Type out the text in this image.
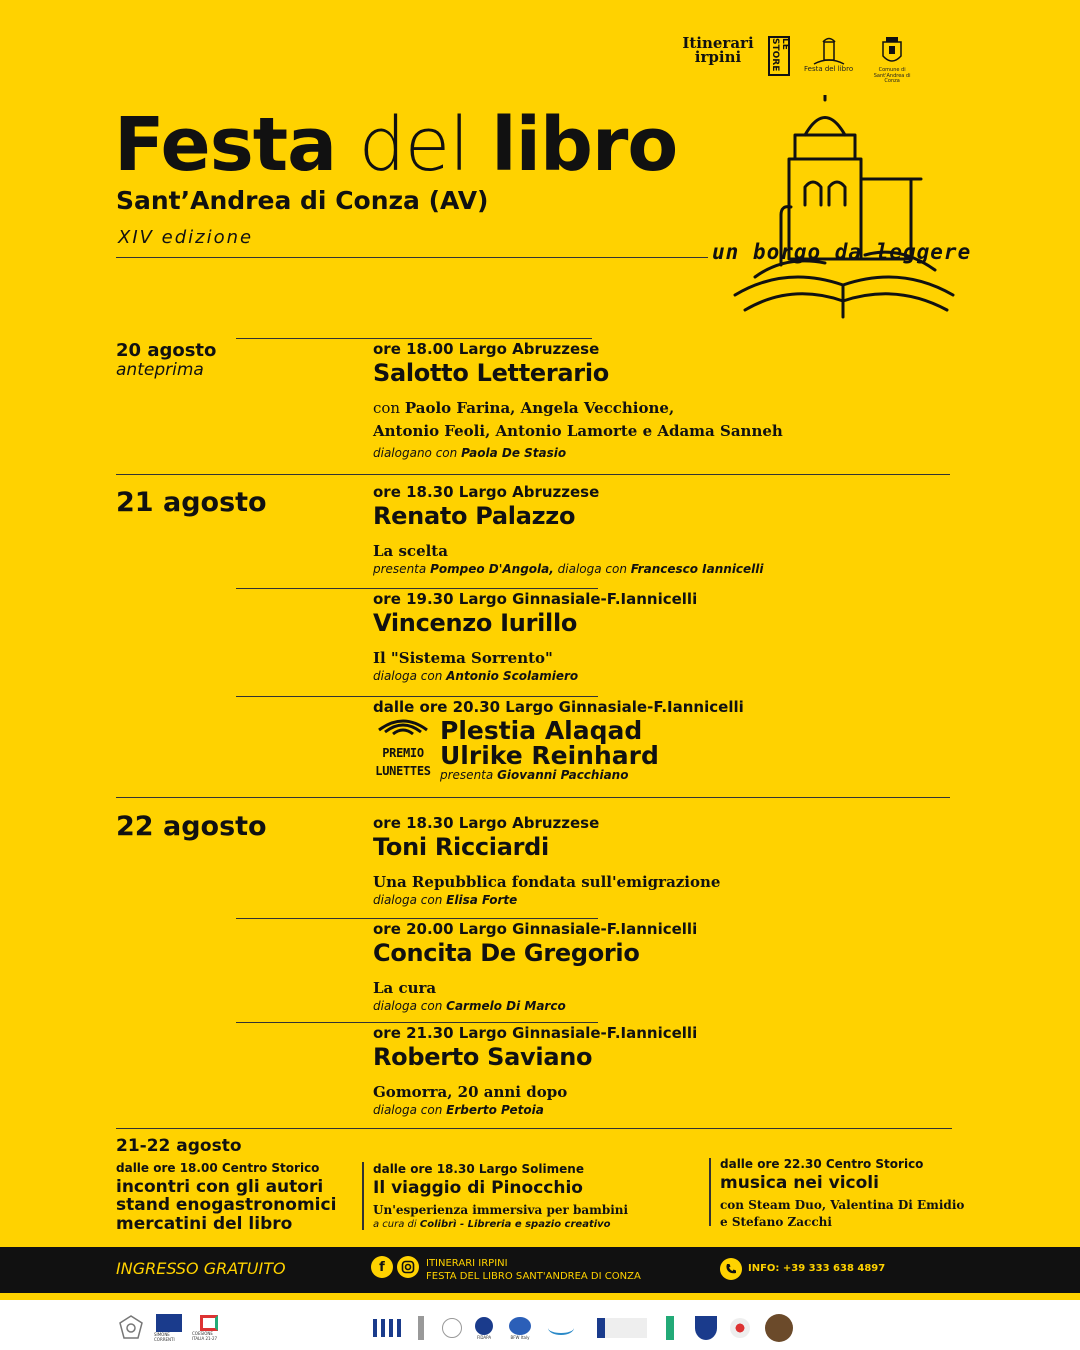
Itinerari irpini
LE STORE	Festa del libro	Comune di Sant'Andrea di Conza
Festa del libro
Sant’Andrea di Conza (AV)
XIV edizione
un borgo da leggere
20 agosto
anteprima
ore 18.00 Largo Abruzzese
Salotto Letterario
con Paolo Farina, Angela Vecchione,
Antonio Feoli, Antonio Lamorte e Adama Sanneh
dialogano con Paola De Stasio
21 agosto	ore 18.30 Largo Abruzzese
Renato Palazzo
La scelta
presenta Pompeo D'Angola, dialoga con Francesco Iannicelli
ore 19.30 Largo Ginnasiale-F.Iannicelli
Vincenzo Iurillo
Il "Sistema Sorrento"
dialoga con Antonio Scolamiero
dalle ore 20.30 Largo Ginnasiale-F.Iannicelli
PREMIO
LUNETTES
Plestia Alaqad
Ulrike Reinhard
presenta Giovanni Pacchiano
22 agosto	ore 18.30 Largo Abruzzese
Toni Ricciardi
Una Repubblica fondata sull'emigrazione
dialoga con Elisa Forte
ore 20.00 Largo Ginnasiale-F.Iannicelli
Concita De Gregorio
La cura
dialoga con Carmelo Di Marco
ore 21.30 Largo Ginnasiale-F.Iannicelli
Roberto Saviano
Gomorra, 20 anni dopo
dialoga con Erberto Petoia
21-22 agosto
dalle ore 18.00 Centro Storico
incontri con gli autori
stand enogastronomici
mercatini del libro
dalle ore 18.30 Largo Solimene
Il viaggio di Pinocchio
Un'esperienza immersiva per bambini
a cura di Colibrì - Libreria e spazio creativo
dalle ore 22.30 Centro Storico
musica nei vicoli
con Steam Duo, Valentina Di Emidio
e Stefano Zacchi
INGRESSO GRATUITO	f	ITINERARI IRPINI
FESTA DEL LIBRO SANT'ANDREA DI CONZA
INFO: +39 333 638 4897
SIMONE CORRENTI
COESIONE ITALIA 21-27	FIDAPA	BFW Italy
